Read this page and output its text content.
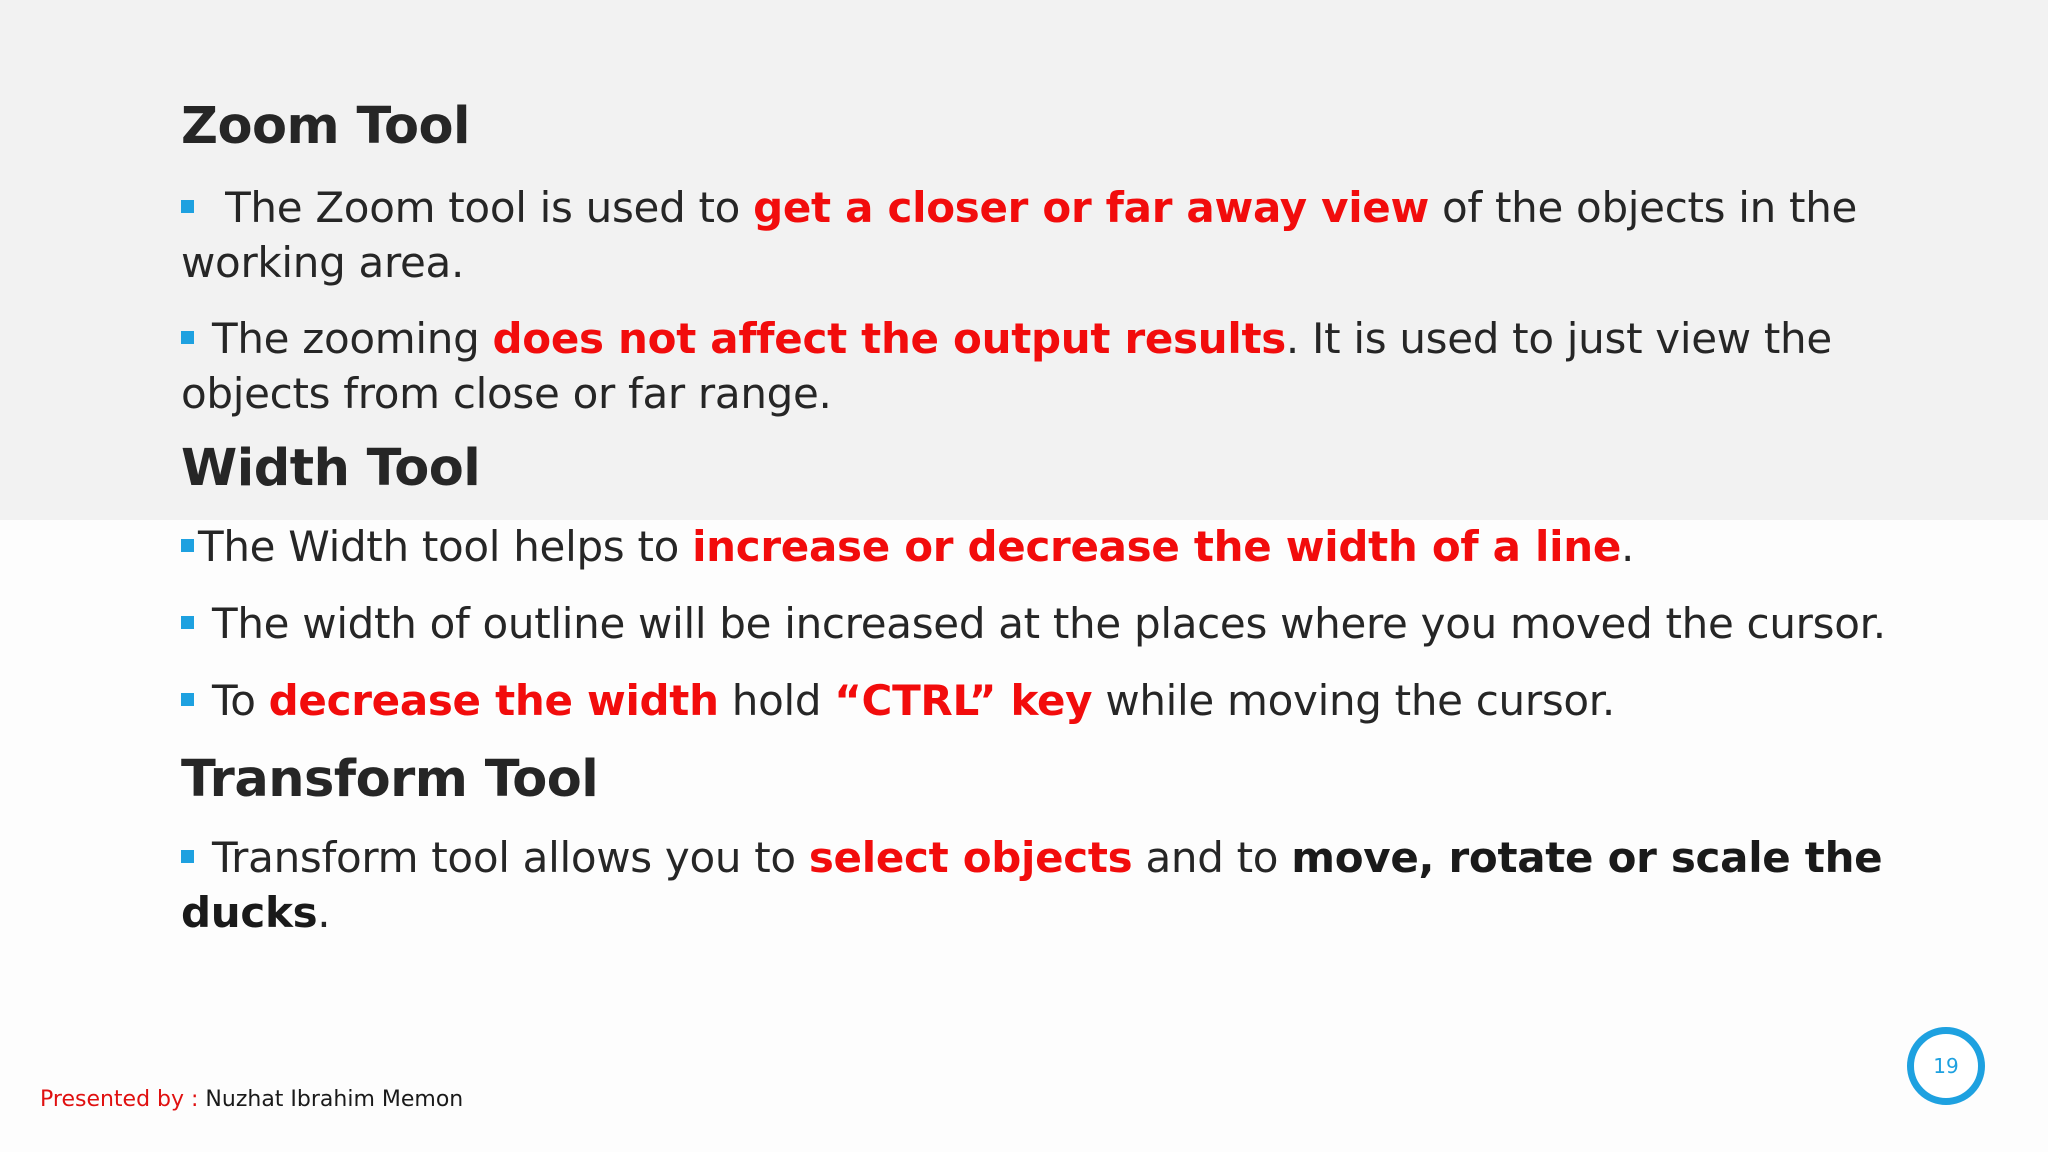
Zoom Tool

The Zoom tool is used to get a closer or far away view of the objects in the working area.

The zooming does not affect the output results. It is used to just view the objects from close or far range.

Width Tool

The Width tool helps to increase or decrease the width of a line.

The width of outline will be increased at the places where you moved the cursor.

To decrease the width hold “CTRL” key while moving the cursor.

Transform Tool

Transform tool allows you to select objects and to move, rotate or scale the ducks.

Presented by : Nuzhat Ibrahim Memon
19
